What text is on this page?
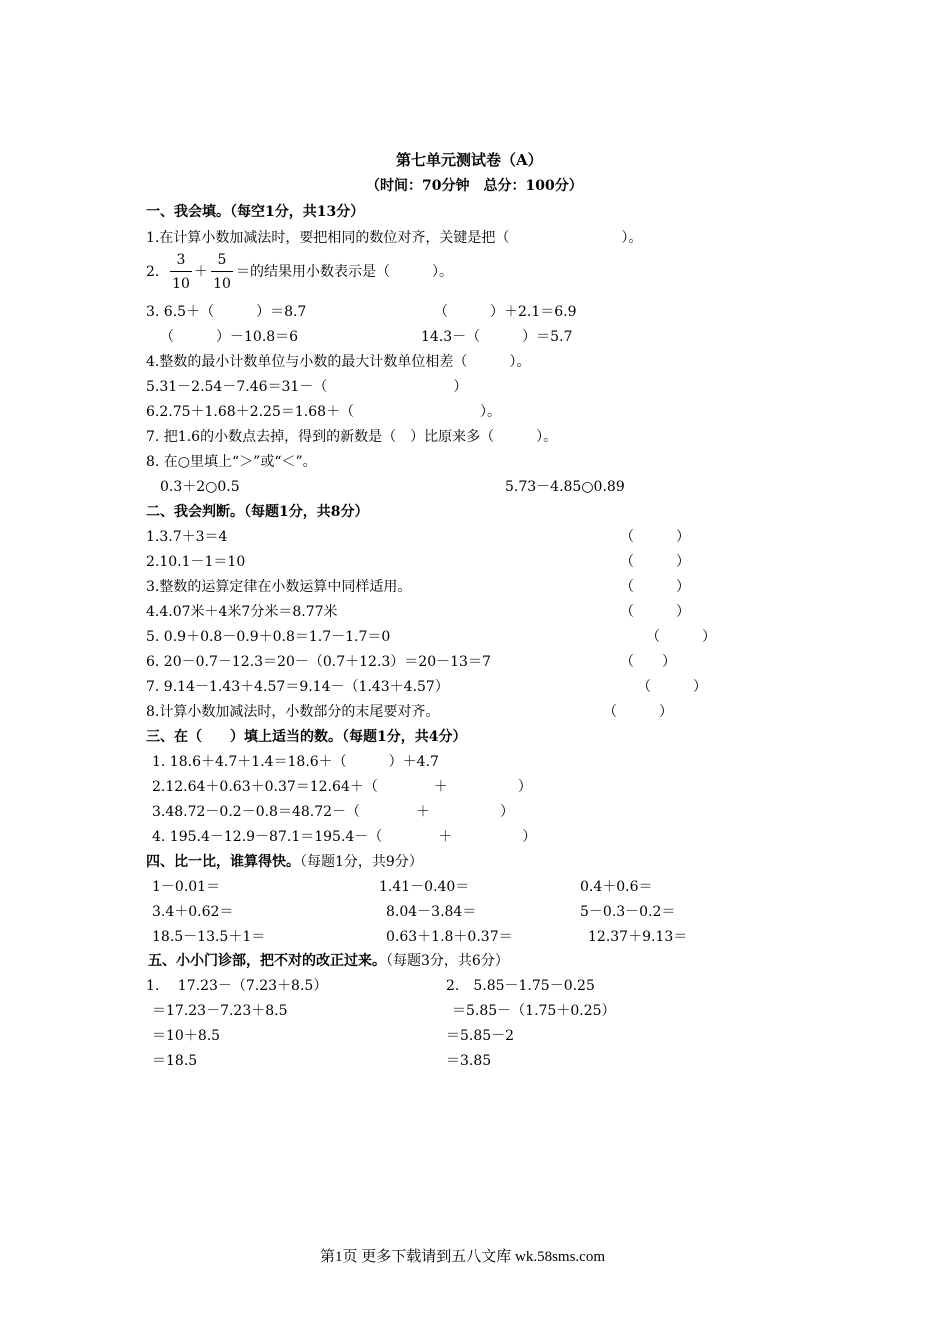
第七单元测试卷（A）
（时间：70分钟　总分：100分）
一、我会填。（每空1分，共13分）
1.在计算小数加减法时，要把相同的数位对齐，关键是把（　　　　　　　　）。
2.
3
10
＋
5
10
＝的结果用小数表示是（　　　）。
3. 6.5＋（　　　）＝8.7	（　　　）＋2.1＝6.9
（　　　）－10.8＝6	14.3－（　　　）＝5.7
4.整数的最小计数单位与小数的最大计数单位相差（　　　）。
5.31－2.54－7.46＝31－（　　　　　　　　　）
6.2.75＋1.68＋2.25＝1.68＋（　　　　　　　　　）。
7. 把1.6的小数点去掉，得到的新数是（　）比原来多（　　　）。
8. 在○里填上“＞”或“＜”。
0.3＋2○0.5	5.73－4.85○0.89
二、我会判断。（每题1分，共8分）
1.3.7＋3＝4	（　　　）
2.10.1－1＝10	（　　　）
3.整数的运算定律在小数运算中同样适用。	（　　　）
4.4.07米＋4米7分米＝8.77米	（　　　）
5. 0.9＋0.8－0.9＋0.8＝1.7－1.7＝0	（　　　）
6. 20－0.7－12.3＝20－（0.7＋12.3）＝20－13＝7	（　　）
7. 9.14－1.43＋4.57＝9.14－（1.43＋4.57）	（　　　）
8.计算小数加减法时，小数部分的末尾要对齐。	（　　　）
三、在（　　）填上适当的数。（每题1分，共4分）
1. 18.6＋4.7＋1.4＝18.6＋（　　　）＋4.7
2.12.64＋0.63＋0.37＝12.64＋（　　　　＋　　　　　）
3.48.72－0.2－0.8＝48.72－（　　　　＋　　　　　）
4. 195.4－12.9－87.1＝195.4－（　　　　＋　　　　　）
四、比一比，谁算得快。（每题1分，共9分）
1－0.01＝	1.41－0.40＝	0.4＋0.6＝
3.4＋0.62＝	8.04－3.84＝	5－0.3－0.2＝
18.5－13.5＋1＝	0.63＋1.8＋0.37＝	12.37＋9.13＝
五、小小门诊部，把不对的改正过来。（每题3分，共6分）
1.　 17.23－（7.23＋8.5）
＝17.23－7.23＋8.5
＝10＋8.5
＝18.5
2.　5.85－1.75－0.25
＝5.85－（1.75＋0.25）
＝5.85－2
＝3.85
第1页 更多下载请到五八文库 wk.58sms.com
